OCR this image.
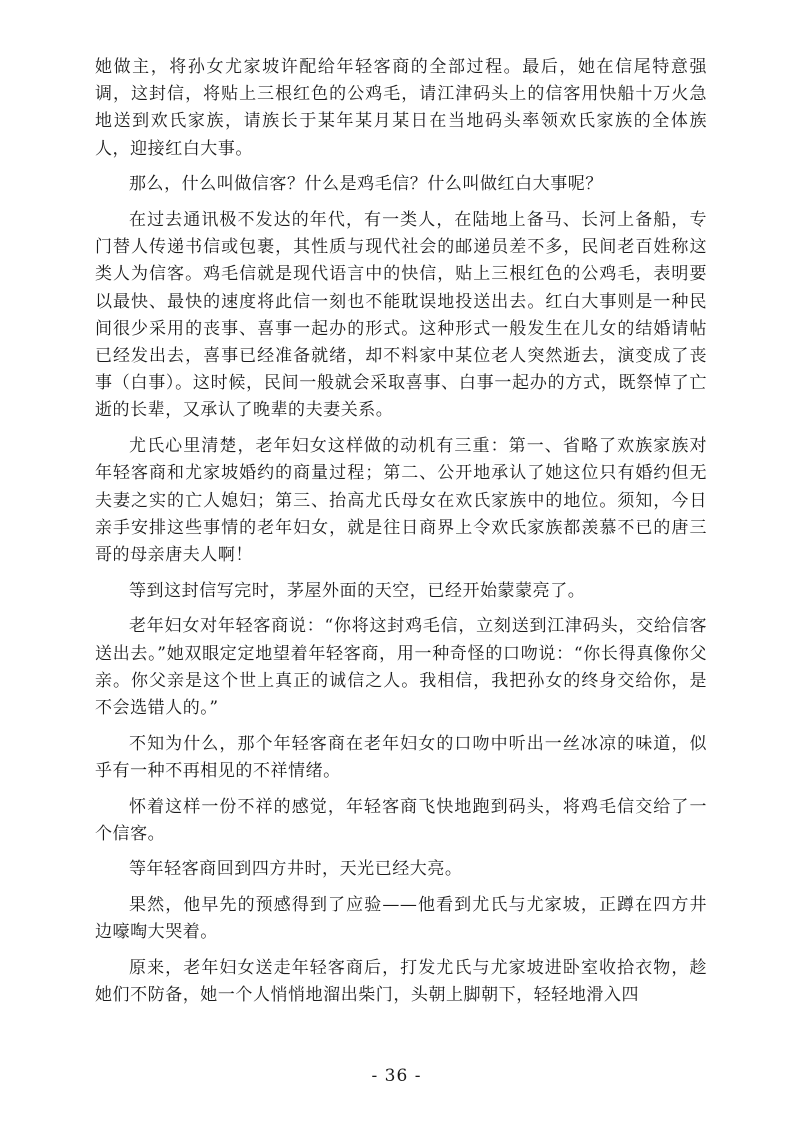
她做主，将孙女尤家坡许配给年轻客商的全部过程。最后，她在信尾特意强调，这封信，将贴上三根红色的公鸡毛，请江津码头上的信客用快船十万火急地送到欢氏家族，请族长于某年某月某日在当地码头率领欢氏家族的全体族人，迎接红白大事。

那么，什么叫做信客？什么是鸡毛信？什么叫做红白大事呢？

在过去通讯极不发达的年代，有一类人，在陆地上备马、长河上备船，专门替人传递书信或包裹，其性质与现代社会的邮递员差不多，民间老百姓称这类人为信客。鸡毛信就是现代语言中的快信，贴上三根红色的公鸡毛，表明要以最快、最快的速度将此信一刻也不能耽误地投送出去。红白大事则是一种民间很少采用的丧事、喜事一起办的形式。这种形式一般发生在儿女的结婚请帖已经发出去，喜事已经准备就绪，却不料家中某位老人突然逝去，演变成了丧事（白事）。这时候，民间一般就会采取喜事、白事一起办的方式，既祭悼了亡逝的长辈，又承认了晚辈的夫妻关系。

尤氏心里清楚，老年妇女这样做的动机有三重：第一、省略了欢族家族对年轻客商和尤家坡婚约的商量过程；第二、公开地承认了她这位只有婚约但无夫妻之实的亡人媳妇；第三、抬高尤氏母女在欢氏家族中的地位。须知，今日亲手安排这些事情的老年妇女，就是往日商界上令欢氏家族都羡慕不已的唐三哥的母亲唐夫人啊！

等到这封信写完时，茅屋外面的天空，已经开始蒙蒙亮了。

老年妇女对年轻客商说：“你将这封鸡毛信，立刻送到江津码头，交给信客送出去。”她双眼定定地望着年轻客商，用一种奇怪的口吻说：“你长得真像你父亲。你父亲是这个世上真正的诚信之人。我相信，我把孙女的终身交给你，是不会选错人的。”

不知为什么，那个年轻客商在老年妇女的口吻中听出一丝冰凉的味道，似乎有一种不再相见的不祥情绪。

怀着这样一份不祥的感觉，年轻客商飞快地跑到码头，将鸡毛信交给了一个信客。

等年轻客商回到四方井时，天光已经大亮。

果然，他早先的预感得到了应验——他看到尤氏与尤家坡，正蹲在四方井边嚎啕大哭着。

原来，老年妇女送走年轻客商后，打发尤氏与尤家坡进卧室收拾衣物，趁她们不防备，她一个人悄悄地溜出柴门，头朝上脚朝下，轻轻地滑入四

- 36 -
